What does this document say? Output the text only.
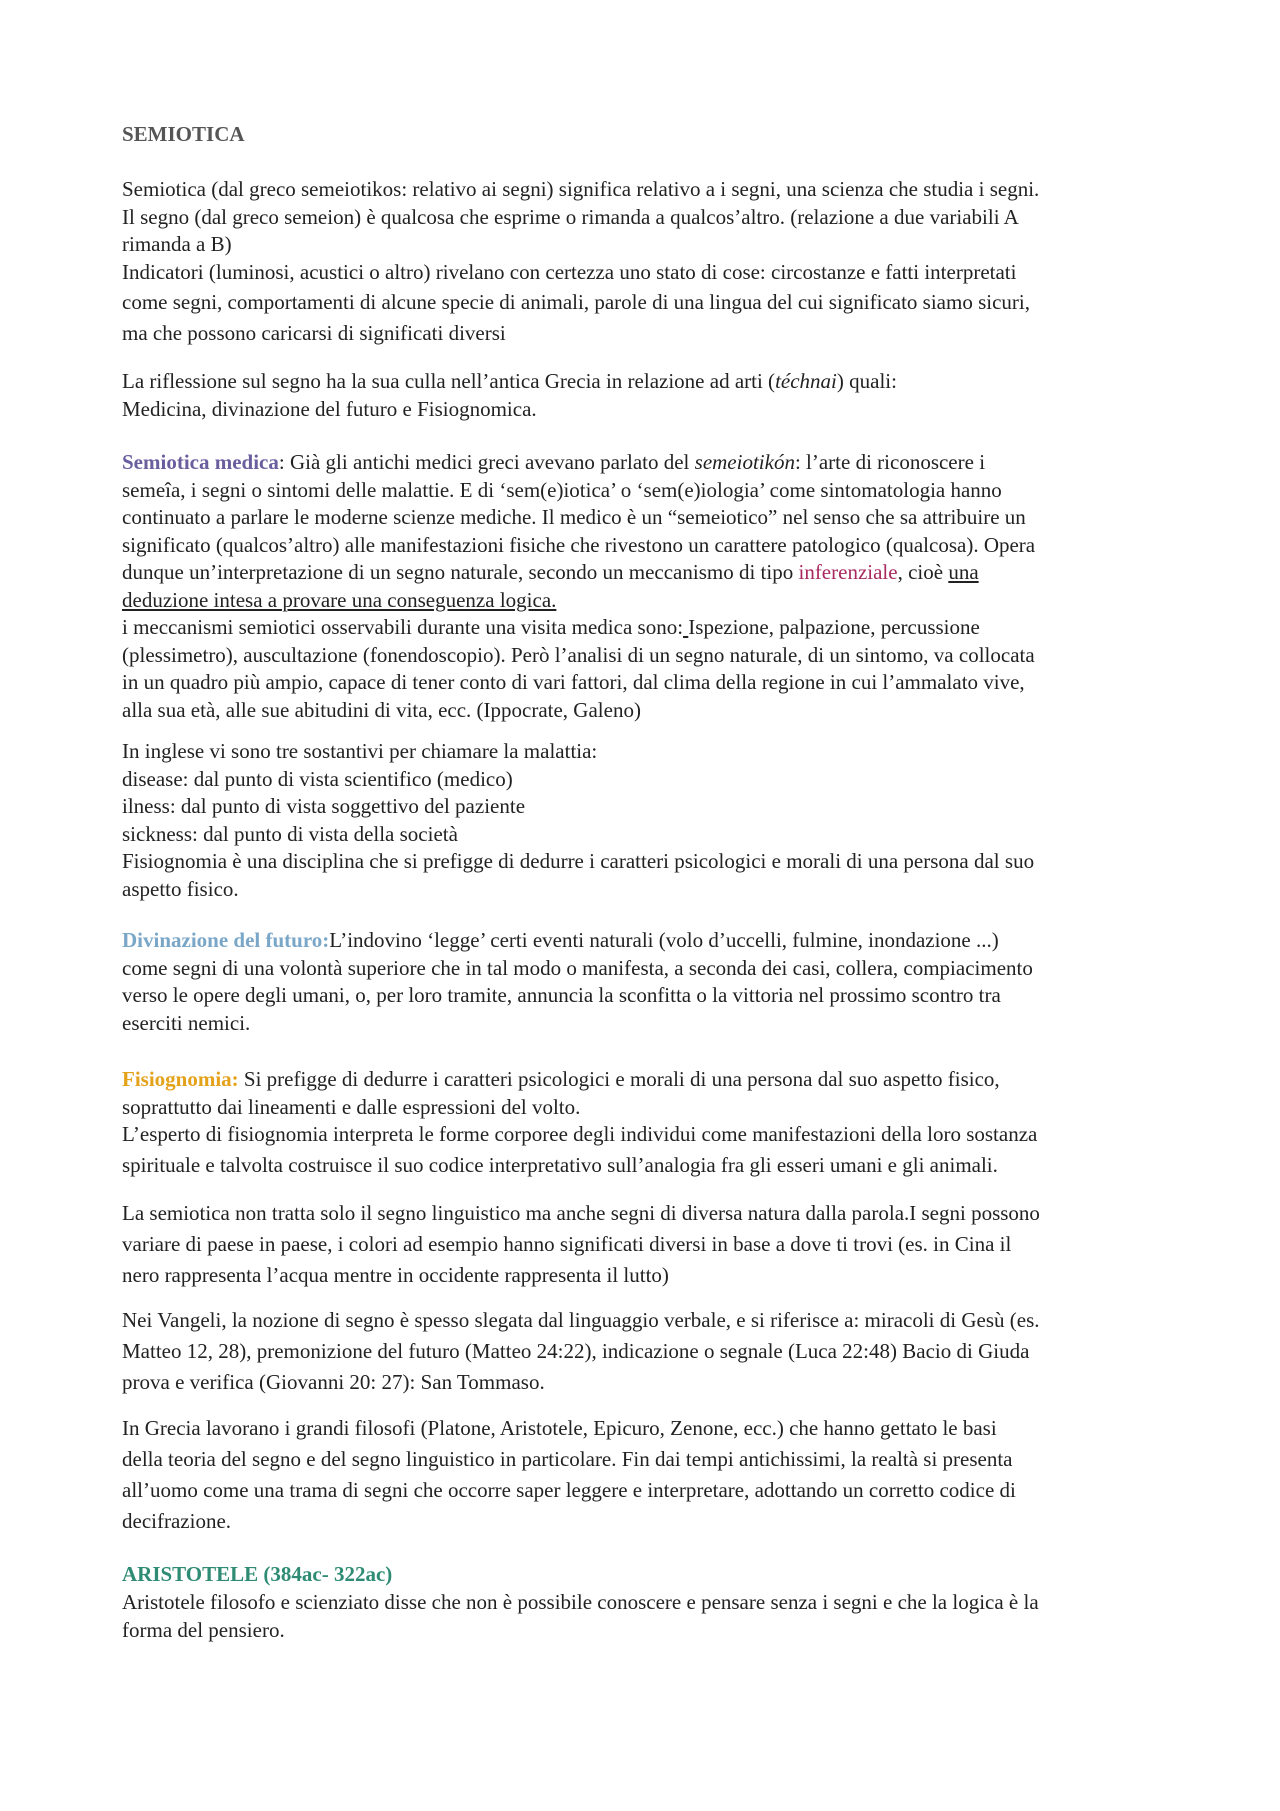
SEMIOTICA

Semiotica (dal greco semeiotikos: relativo ai segni) significa relativo a i segni, una scienza che studia i segni.
Il segno (dal greco semeion) è qualcosa che esprime o rimanda a qualcos’altro. (relazione a due variabili A
rimanda a B)
Indicatori (luminosi, acustici o altro) rivelano con certezza uno stato di cose: circostanze e fatti interpretati
come segni, comportamenti di alcune specie di animali, parole di una lingua del cui significato siamo sicuri,
ma che possono caricarsi di significati diversi

La riflessione sul segno ha la sua culla nell’antica Grecia in relazione ad arti (téchnai) quali:
Medicina, divinazione del futuro e Fisiognomica.

Semiotica medica: Già gli antichi medici greci avevano parlato del semeiotikón: l’arte di riconoscere i
semeîa, i segni o sintomi delle malattie. E di ‘sem(e)iotica’ o ‘sem(e)iologia’ come sintomatologia hanno
continuato a parlare le moderne scienze mediche. Il medico è un “semeiotico” nel senso che sa attribuire un
significato (qualcos’altro) alle manifestazioni fisiche che rivestono un carattere patologico (qualcosa). Opera
dunque un’interpretazione di un segno naturale, secondo un meccanismo di tipo inferenziale, cioè una
deduzione intesa a provare una conseguenza logica.
i meccanismi semiotici osservabili durante una visita medica sono: Ispezione, palpazione, percussione
(plessimetro), auscultazione (fonendoscopio). Però l’analisi di un segno naturale, di un sintomo, va collocata
in un quadro più ampio, capace di tener conto di vari fattori, dal clima della regione in cui l’ammalato vive,
alla sua età, alle sue abitudini di vita, ecc. (Ippocrate, Galeno)

In inglese vi sono tre sostantivi per chiamare la malattia:
disease: dal punto di vista scientifico (medico)
ilness: dal punto di vista soggettivo del paziente
sickness: dal punto di vista della società
Fisiognomia è una disciplina che si prefigge di dedurre i caratteri psicologici e morali di una persona dal suo
aspetto fisico.

Divinazione del futuro:L’indovino ‘legge’ certi eventi naturali (volo d’uccelli, fulmine, inondazione ...)
come segni di una volontà superiore che in tal modo o manifesta, a seconda dei casi, collera, compiacimento
verso le opere degli umani, o, per loro tramite, annuncia la sconfitta o la vittoria nel prossimo scontro tra
eserciti nemici.

Fisiognomia: Si prefigge di dedurre i caratteri psicologici e morali di una persona dal suo aspetto fisico,
soprattutto dai lineamenti e dalle espressioni del volto.
L’esperto di fisiognomia interpreta le forme corporee degli individui come manifestazioni della loro sostanza
spirituale e talvolta costruisce il suo codice interpretativo sull’analogia fra gli esseri umani e gli animali.

La semiotica non tratta solo il segno linguistico ma anche segni di diversa natura dalla parola.I segni possono
variare di paese in paese, i colori ad esempio hanno significati diversi in base a dove ti trovi (es. in Cina il
nero rappresenta l’acqua mentre in occidente rappresenta il lutto)

Nei Vangeli, la nozione di segno è spesso slegata dal linguaggio verbale, e si riferisce a: miracoli di Gesù (es.
Matteo 12, 28), premonizione del futuro (Matteo 24:22), indicazione o segnale (Luca 22:48) Bacio di Giuda
prova e verifica (Giovanni 20: 27): San Tommaso.

In Grecia lavorano i grandi filosofi (Platone, Aristotele, Epicuro, Zenone, ecc.) che hanno gettato le basi
della teoria del segno e del segno linguistico in particolare. Fin dai tempi antichissimi, la realtà si presenta
all’uomo come una trama di segni che occorre saper leggere e interpretare, adottando un corretto codice di
decifrazione.

ARISTOTELE (384ac- 322ac)

Aristotele filosofo e scienziato disse che non è possibile conoscere e pensare senza i segni e che la logica è la
forma del pensiero.
